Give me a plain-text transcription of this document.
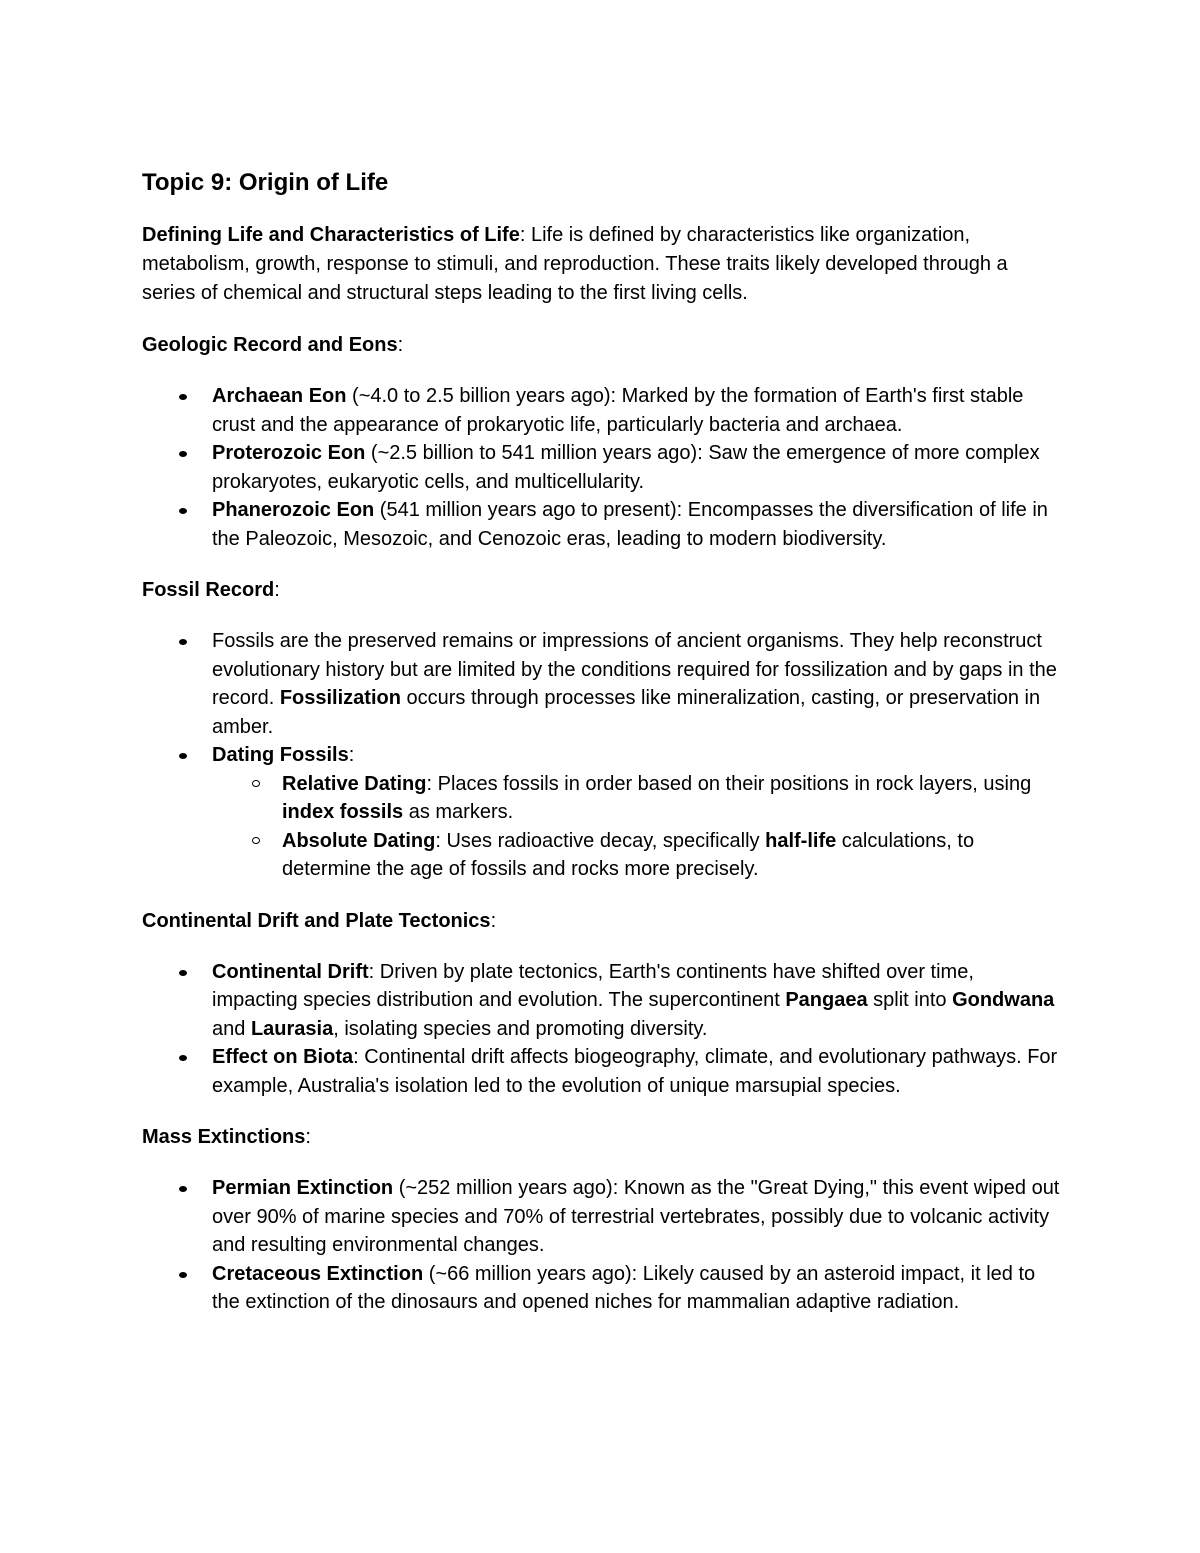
Topic 9: Origin of Life

Defining Life and Characteristics of Life: Life is defined by characteristics like organization, metabolism, growth, response to stimuli, and reproduction. These traits likely developed through a series of chemical and structural steps leading to the first living cells.

Geologic Record and Eons:

Archaean Eon (~4.0 to 2.5 billion years ago): Marked by the formation of Earth's first stable crust and the appearance of prokaryotic life, particularly bacteria and archaea.
Proterozoic Eon (~2.5 billion to 541 million years ago): Saw the emergence of more complex prokaryotes, eukaryotic cells, and multicellularity.
Phanerozoic Eon (541 million years ago to present): Encompasses the diversification of life in the Paleozoic, Mesozoic, and Cenozoic eras, leading to modern biodiversity.

Fossil Record:

Fossils are the preserved remains or impressions of ancient organisms. They help reconstruct evolutionary history but are limited by the conditions required for fossilization and by gaps in the record. Fossilization occurs through processes like mineralization, casting, or preservation in amber.
Dating Fossils:
Relative Dating: Places fossils in order based on their positions in rock layers, using index fossils as markers.
Absolute Dating: Uses radioactive decay, specifically half-life calculations, to determine the age of fossils and rocks more precisely.

Continental Drift and Plate Tectonics:

Continental Drift: Driven by plate tectonics, Earth's continents have shifted over time, impacting species distribution and evolution. The supercontinent Pangaea split into Gondwana and Laurasia, isolating species and promoting diversity.
Effect on Biota: Continental drift affects biogeography, climate, and evolutionary pathways. For example, Australia's isolation led to the evolution of unique marsupial species.

Mass Extinctions:

Permian Extinction (~252 million years ago): Known as the "Great Dying," this event wiped out over 90% of marine species and 70% of terrestrial vertebrates, possibly due to volcanic activity and resulting environmental changes.
Cretaceous Extinction (~66 million years ago): Likely caused by an asteroid impact, it led to the extinction of the dinosaurs and opened niches for mammalian adaptive radiation.
